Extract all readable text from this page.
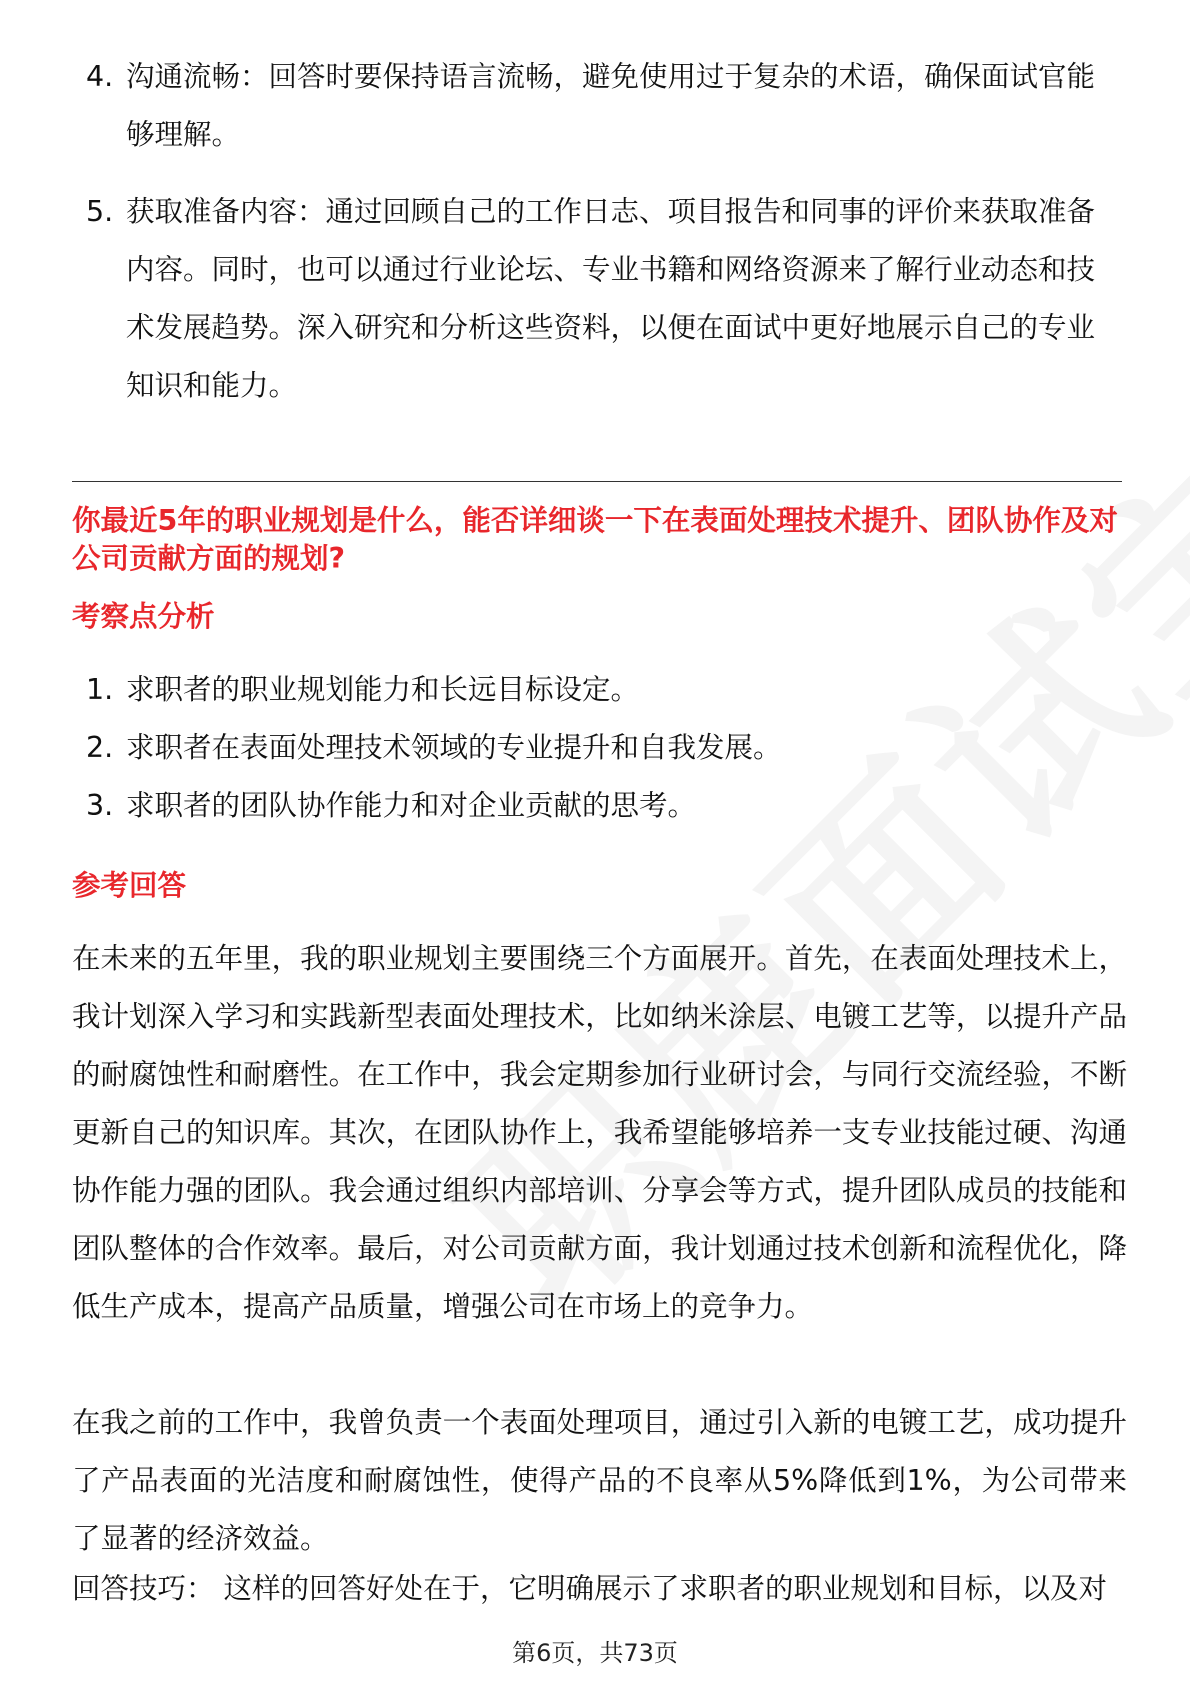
4. 沟通流畅：回答时要保持语言流畅，避免使用过于复杂的术语，确保面试官能够理解。
5. 获取准备内容：通过回顾自己的工作日志、项目报告和同事的评价来获取准备内容。同时，也可以通过行业论坛、专业书籍和网络资源来了解行业动态和技术发展趋势。深入研究和分析这些资料，以便在面试中更好地展示自己的专业知识和能力。
你最近5年的职业规划是什么，能否详细谈一下在表面处理技术提升、团队协作及对公司贡献方面的规划?
考察点分析
1. 求职者的职业规划能力和长远目标设定。
2. 求职者在表面处理技术领域的专业提升和自我发展。
3. 求职者的团队协作能力和对企业贡献的思考。
参考回答
在未来的五年里，我的职业规划主要围绕三个方面展开。首先，在表面处理技术上，我计划深入学习和实践新型表面处理技术，比如纳米涂层、电镀工艺等，以提升产品的耐腐蚀性和耐磨性。在工作中，我会定期参加行业研讨会，与同行交流经验，不断更新自己的知识库。其次，在团队协作上，我希望能够培养一支专业技能过硬、沟通协作能力强的团队。我会通过组织内部培训、分享会等方式，提升团队成员的技能和团队整体的合作效率。最后，对公司贡献方面，我计划通过技术创新和流程优化，降低生产成本，提高产品质量，增强公司在市场上的竞争力。
在我之前的工作中，我曾负责一个表面处理项目，通过引入新的电镀工艺，成功提升了产品表面的光洁度和耐腐蚀性，使得产品的不良率从5%降低到1%，为公司带来了显著的经济效益。
回答技巧： 这样的回答好处在于，它明确展示了求职者的职业规划和目标，以及对
第6页，共73页
